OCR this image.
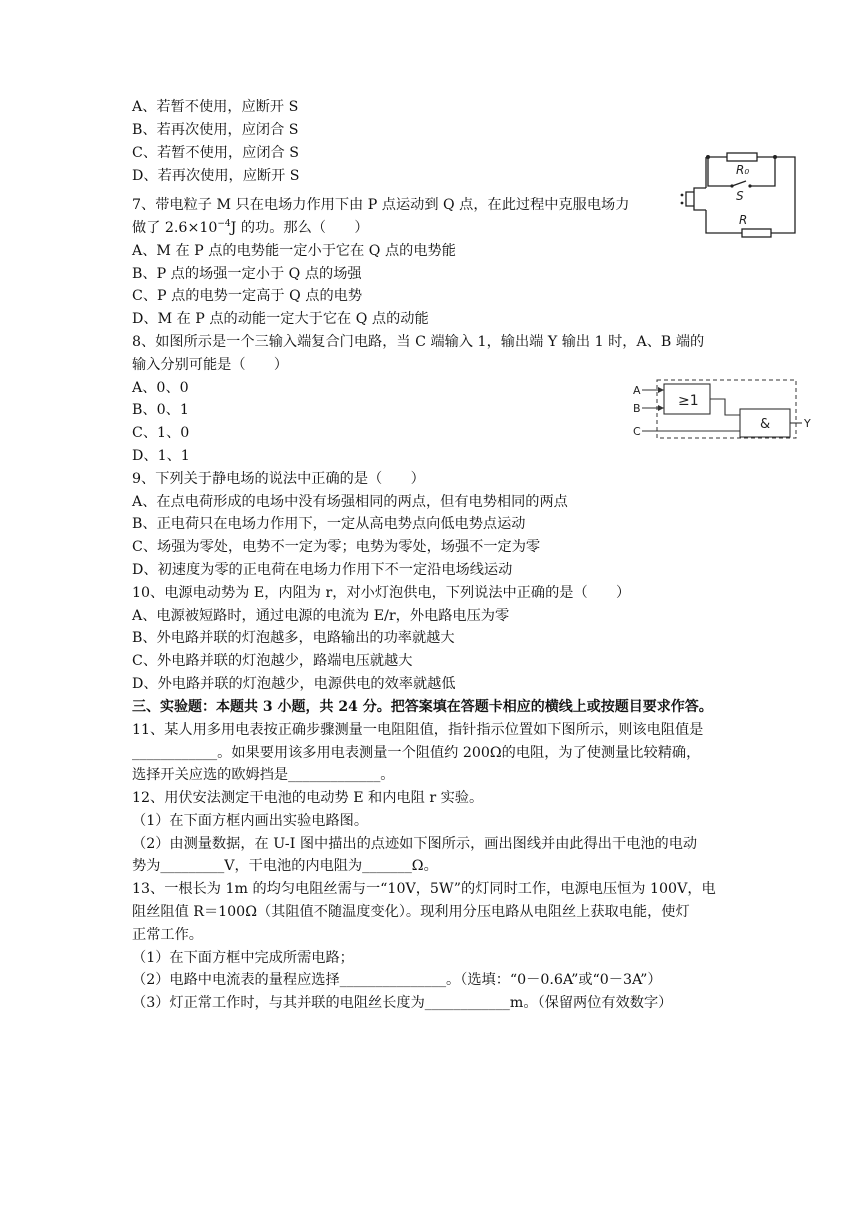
A、若暂不使用，应断开 S
B、若再次使用，应闭合 S
C、若暂不使用，应闭合 S
D、若再次使用，应断开 S
7、带电粒子 M 只在电场力作用下由 P 点运动到 Q 点，在此过程中克服电场力
做了 $2.6\times 10^{-4}J$ 的功。那么（　　）
A、M 在 P 点的电势能一定小于它在 Q 点的电势能
B、P 点的场强一定小于 Q 点的场强
C、P 点的电势一定高于 Q 点的电势
D、M 在 P 点的动能一定大于它在 Q 点的动能
8、如图所示是一个三输入端复合门电路，当 C 端输入 1，输出端 Y 输出 1 时，A、B 端的
输入分别可能是（　　）
A、0、0
B、0、1
C、1、0
D、1、1
9、下列关于静电场的说法中正确的是（　　）
A、在点电荷形成的电场中没有场强相同的两点，但有电势相同的两点
B、正电荷只在电场力作用下，一定从高电势点向低电势点运动
C、场强为零处，电势不一定为零；电势为零处，场强不一定为零
D、初速度为零的正电荷在电场力作用下不一定沿电场线运动
10、电源电动势为 E，内阻为 r，对小灯泡供电，下列说法中正确的是（　　）
A、电源被短路时，通过电源的电流为 E/r，外电路电压为零
B、外电路并联的灯泡越多，电路输出的功率就越大
C、外电路并联的灯泡越少，路端电压就越大
D、外电路并联的灯泡越少，电源供电的效率就越低
三、实验题：本题共 3 小题，共 24 分。把答案填在答题卡相应的横线上或按题目要求作答。
11、某人用多用电表按正确步骤测量一电阻阻值，指针指示位置如下图所示，则该电阻值是
____________。如果要用该多用电表测量一个阻值约 200Ω的电阻，为了使测量比较精确，
选择开关应选的欧姆挡是_____________。
12、用伏安法测定干电池的电动势 E 和内电阻 r 实验。
（1）在下面方框内画出实验电路图。
（2）由测量数据，在 U-I 图中描出的点迹如下图所示，画出图线并由此得出干电池的电动
势为_________V，干电池的内电阻为_______Ω。
13、一根长为 1m 的均匀电阻丝需与一“10V，5W”的灯同时工作，电源电压恒为 100V，电
阻丝阻值 R＝100Ω（其阻值不随温度变化）。现利用分压电路从电阻丝上获取电能，使灯
正常工作。
（1）在下面方框中完成所需电路；
（2）电路中电流表的量程应选择_______________。（选填：“0－0.6A”或“0－3A”）
（3）灯正常工作时，与其并联的电阻丝长度为____________m。（保留两位有效数字）
R₀
S
R
A
B
C
≥1
&	Y
